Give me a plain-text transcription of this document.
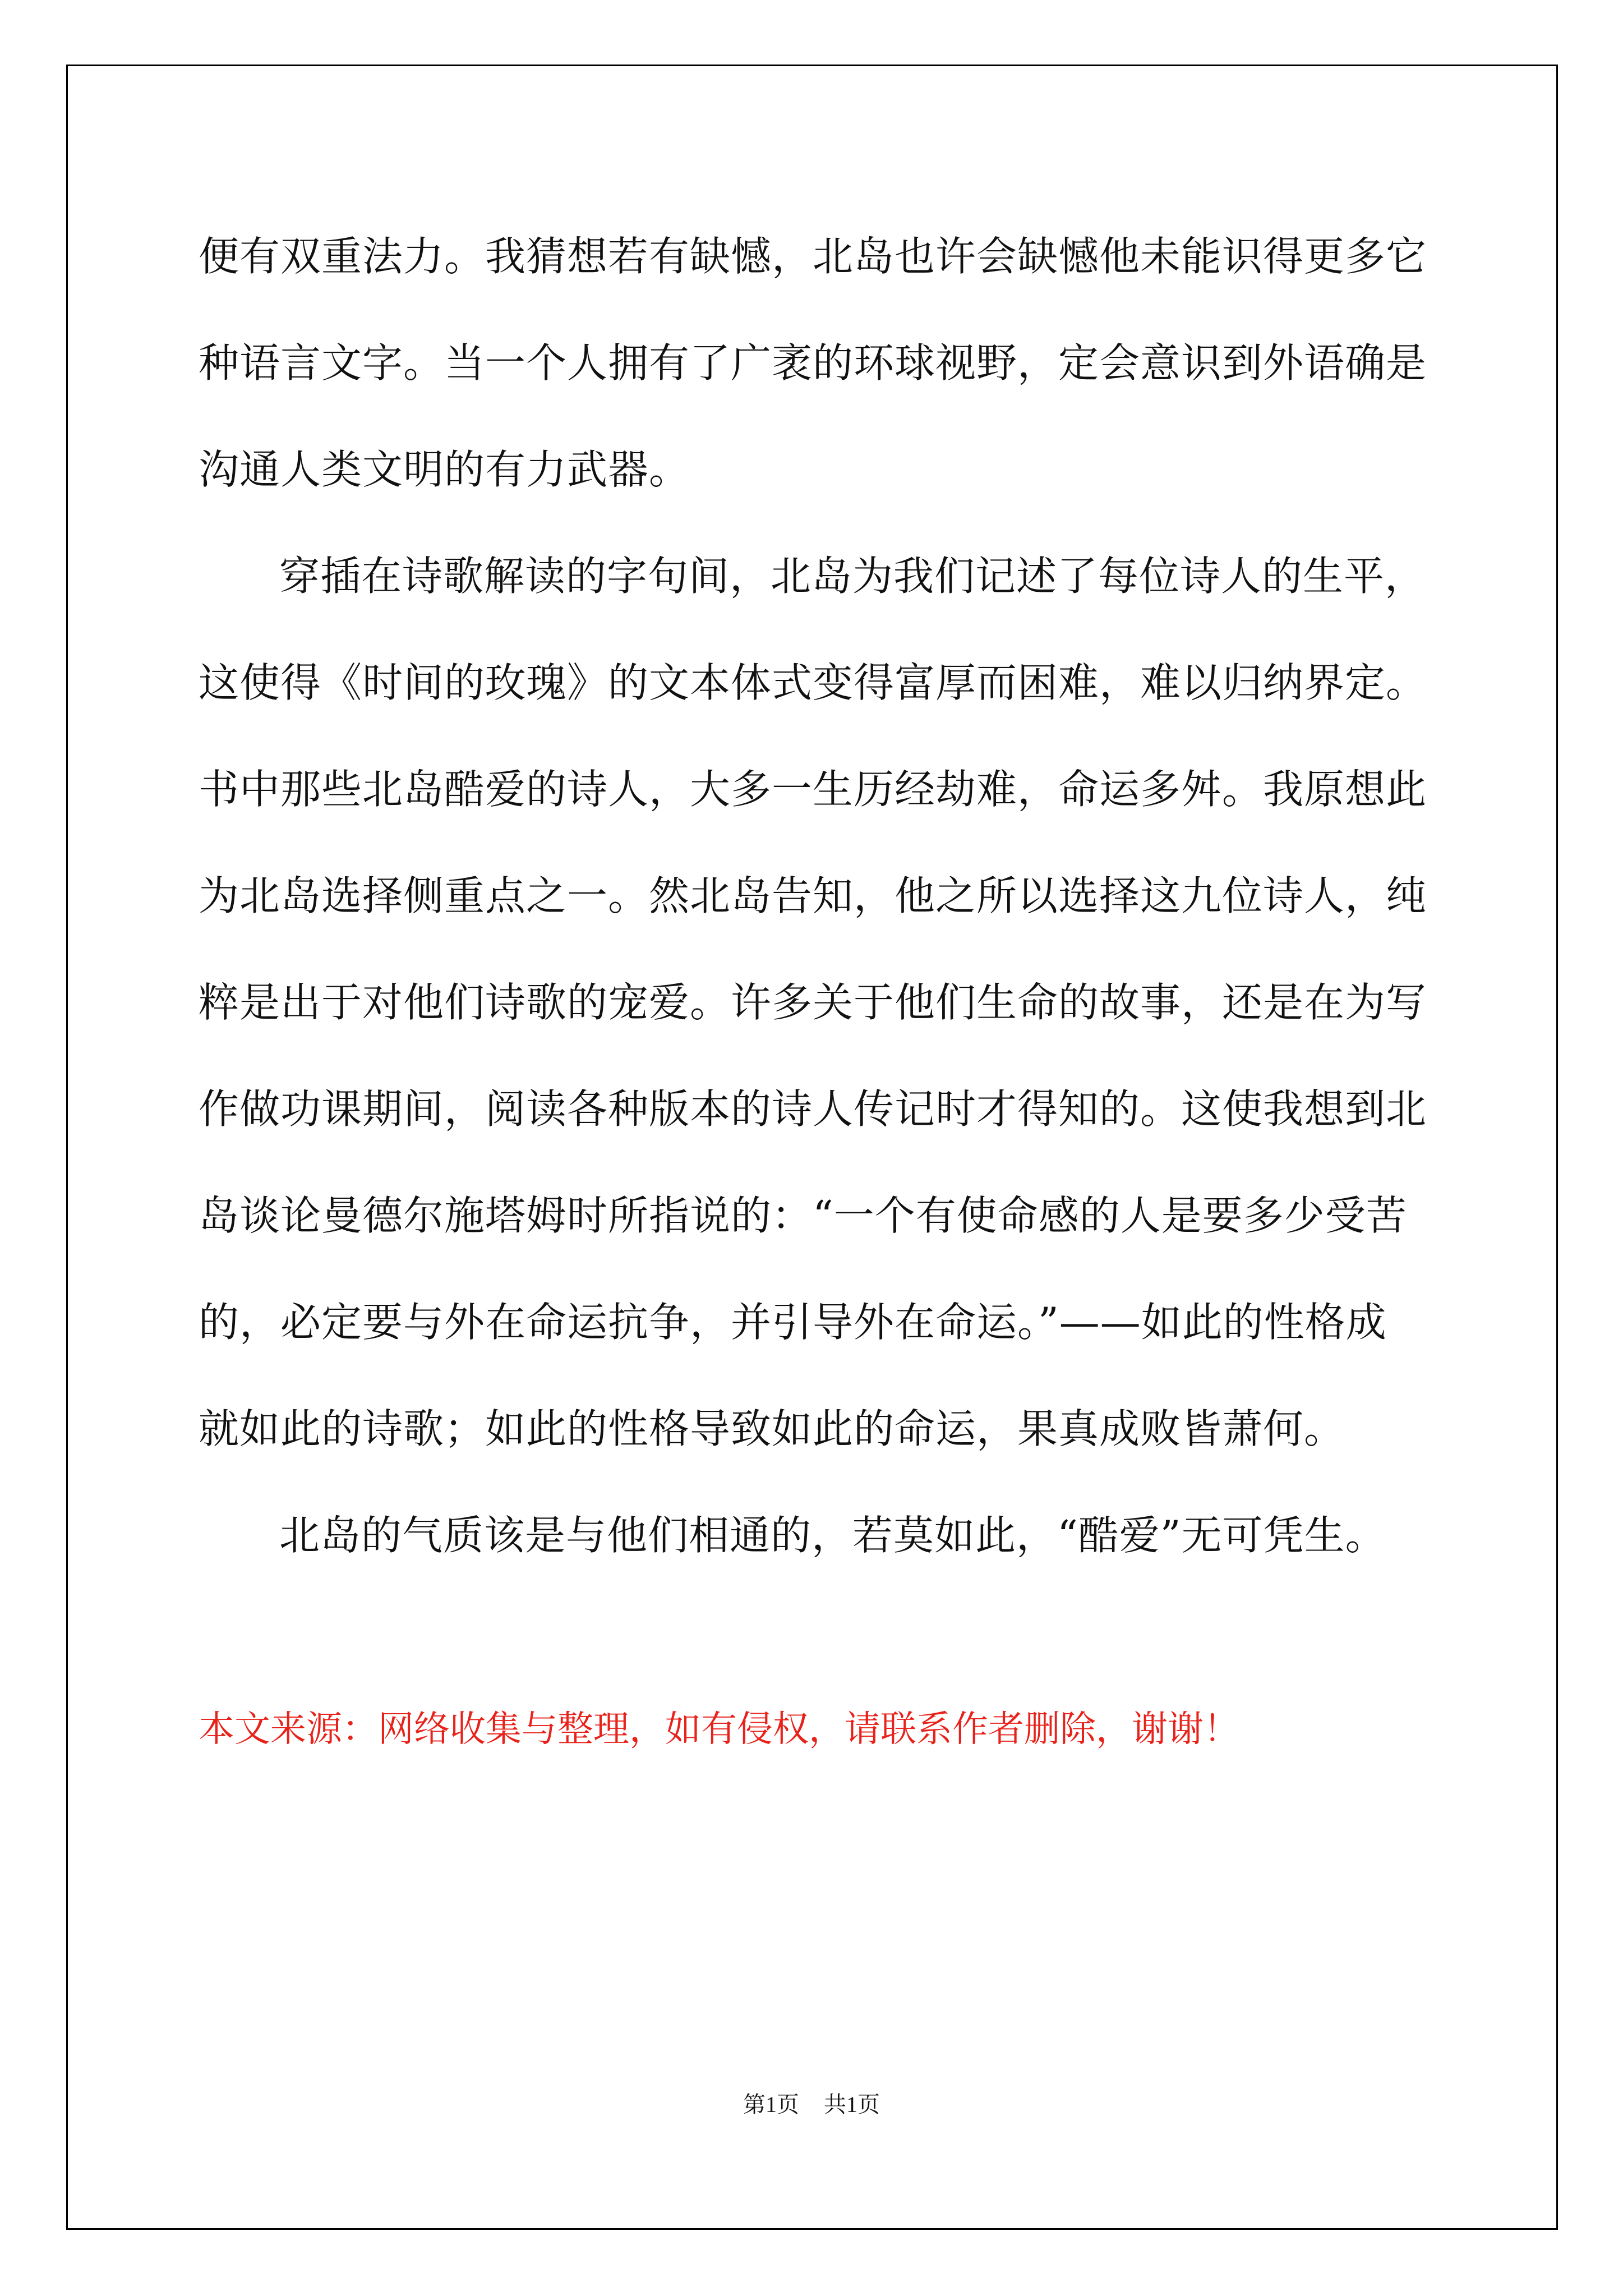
便有双重法力。我猜想若有缺憾，北岛也许会缺憾他未能识得更多它
种语言文字。当一个人拥有了广袤的环球视野，定会意识到外语确是
沟通人类文明的有力武器。
穿插在诗歌解读的字句间，北岛为我们记述了每位诗人的生平，
这使得《时间的玫瑰》的文本体式变得富厚而困难，难以归纳界定。
书中那些北岛酷爱的诗人，大多一生历经劫难，命运多舛。我原想此
为北岛选择侧重点之一。然北岛告知，他之所以选择这九位诗人，纯
粹是出于对他们诗歌的宠爱。许多关于他们生命的故事，还是在为写
作做功课期间，阅读各种版本的诗人传记时才得知的。这使我想到北
岛谈论曼德尔施塔姆时所指说的：“一个有使命感的人是要多少受苦
的，必定要与外在命运抗争，并引导外在命运。”——如此的性格成
就如此的诗歌；如此的性格导致如此的命运，果真成败皆萧何。
北岛的气质该是与他们相通的，若莫如此，“酷爱”无可凭生。
本文来源：网络收集与整理，如有侵权，请联系作者删除，谢谢！
第1页 共1页
